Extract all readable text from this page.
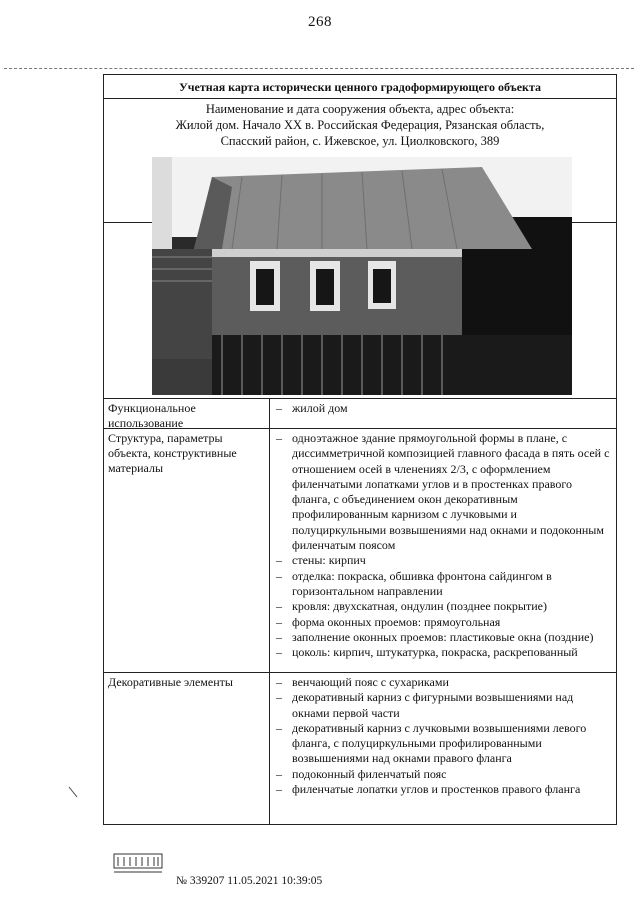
268
Учетная карта исторически ценного градоформирующего объекта
Наименование и дата сооружения объекта, адрес объекта:
Жилой дом. Начало XX в. Российская Федерация, Рязанская область,
Спасский район, с. Ижевское, ул. Циолковского, 389
Функциональное использование
– жилой дом
Структура, параметры объекта, конструктивные материалы
– одноэтажное здание прямоугольной формы в плане, с диссимметричной композицией главного фасада в пять осей с отношением осей в членениях 2/3, с оформлением филенчатыми лопатками углов и в простенках правого фланга, с объединением окон декоративным профилированным карнизом с лучковыми и полуциркульными возвышениями над окнами и подоконным филенчатым поясом
– стены: кирпич
– отделка: покраска, обшивка фронтона сайдингом в горизонтальном направлении
– кровля: двухскатная, ондулин (позднее покрытие)
– форма оконных проемов: прямоугольная
– заполнение оконных проемов: пластиковые окна (поздние)
– цоколь: кирпич, штукатурка, покраска, раскрепованный
Декоративные элементы	– венчающий пояс с сухариками
– декоративный карниз с фигурными возвышениями над окнами первой части
– декоративный карниз с лучковыми возвышениями левого фланга, с полуциркульными профилированными возвышениями над окнами правого фланга
– подоконный филенчатый пояс
– филенчатые лопатки углов и простенков правого фланга
№ 339207 11.05.2021 10:39:05
